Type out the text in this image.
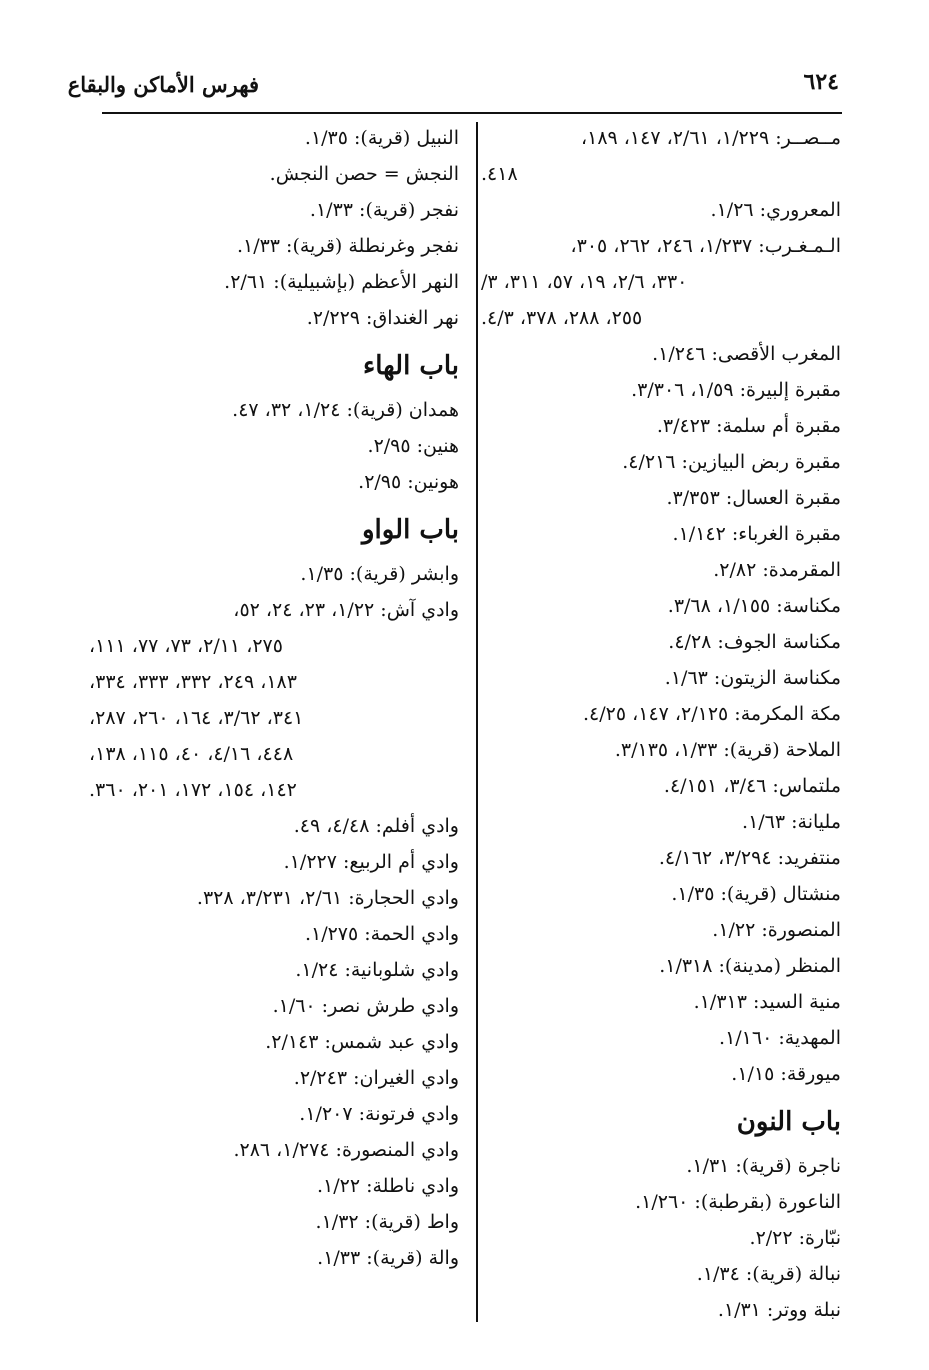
٦٢٤
فهرس الأماكن والبقاع
مــصــر: ١/٢٢٩، ٢/٦١، ١٤٧، ١٨٩،
٤١٨.
المعروري: ١/٢٦.
الـمـغـرب: ١/٢٣٧، ٢٤٦، ٢٦٢، ٣٠٥،
٣٣٠، ٢/٦، ١٩، ٥٧، ٣١١، ٣/
٢٥٥، ٢٨٨، ٣٧٨، ٤/٣.
المغرب الأقصى: ١/٢٤٦.
مقبرة إلبيرة: ١/٥٩، ٣/٣٠٦.
مقبرة أم سلمة: ٣/٤٢٣.
مقبرة ربض البيازين: ٤/٢١٦.
مقبرة العسال: ٣/٣٥٣.
مقبرة الغرباء: ١/١٤٢.
المقرمدة: ٢/٨٢.
مكناسة: ١/١٥٥، ٣/٦٨.
مكناسة الجوف: ٤/٢٨.
مكناسة الزيتون: ١/٦٣.
مكة المكرمة: ٢/١٢٥، ١٤٧، ٤/٢٥.
الملاحة (قرية): ١/٣٣، ٣/١٣٥.
ملتماس: ٣/٤٦، ٤/١٥١.
مليانة: ١/٦٣.
منتفريد: ٣/٢٩٤، ٤/١٦٢.
منشتال (قرية): ١/٣٥.
المنصورة: ١/٢٢.
المنظر (مدينة): ١/٣١٨.
منية السيد: ١/٣١٣.
المهدية: ١/١٦٠.
ميورقة: ١/١٥.
باب النون
ناجرة (قرية): ١/٣١.
الناعورة (بقرطبة): ١/٢٦٠.
نبّارة: ٢/٢٢.
نبالة (قرية): ١/٣٤.
نبلة ووتر: ١/٣١.
النبيل (قرية): ١/٣٥.
النجش = حصن النجش.
نفجر (قرية): ١/٣٣.
نفجر وغرنطلة (قرية): ١/٣٣.
النهر الأعظم (بإشبيلية): ٢/٦١.
نهر الغنداق: ٢/٢٢٩.
باب الهاء
همدان (قرية): ١/٢٤، ٣٢، ٤٧.
هنين: ٢/٩٥.
هونين: ٢/٩٥.
باب الواو
وابشر (قرية): ١/٣٥.
وادي آش: ١/٢٢، ٢٣، ٢٤، ٥٢،
٢٧٥، ٢/١١، ٧٣، ٧٧، ١١١،
١٨٣، ٢٤٩، ٣٣٢، ٣٣٣، ٣٣٤،
٣٤١، ٣/٦٢، ١٦٤، ٢٦٠، ٢٨٧،
٤٤٨، ٤/١٦، ٤٠، ١١٥، ١٣٨،
١٤٢، ١٥٤، ١٧٢، ٢٠١، ٣٦٠.
وادي أفلم: ٤/٤٨، ٤٩.
وادي أم الربيع: ١/٢٢٧.
وادي الحجارة: ٢/٦١، ٣/٢٣١، ٣٢٨.
وادي الحمة: ١/٢٧٥.
وادي شلوبانية: ١/٢٤.
وادي طرش نصر: ١/٦٠.
وادي عبد شمس: ٢/١٤٣.
وادي الغيران: ٢/٢٤٣.
وادي فرتونة: ١/٢٠٧.
وادي المنصورة: ١/٢٧٤، ٢٨٦.
وادي ناطلة: ١/٢٢.
واط (قرية): ١/٣٢.
والة (قرية): ١/٣٣.
